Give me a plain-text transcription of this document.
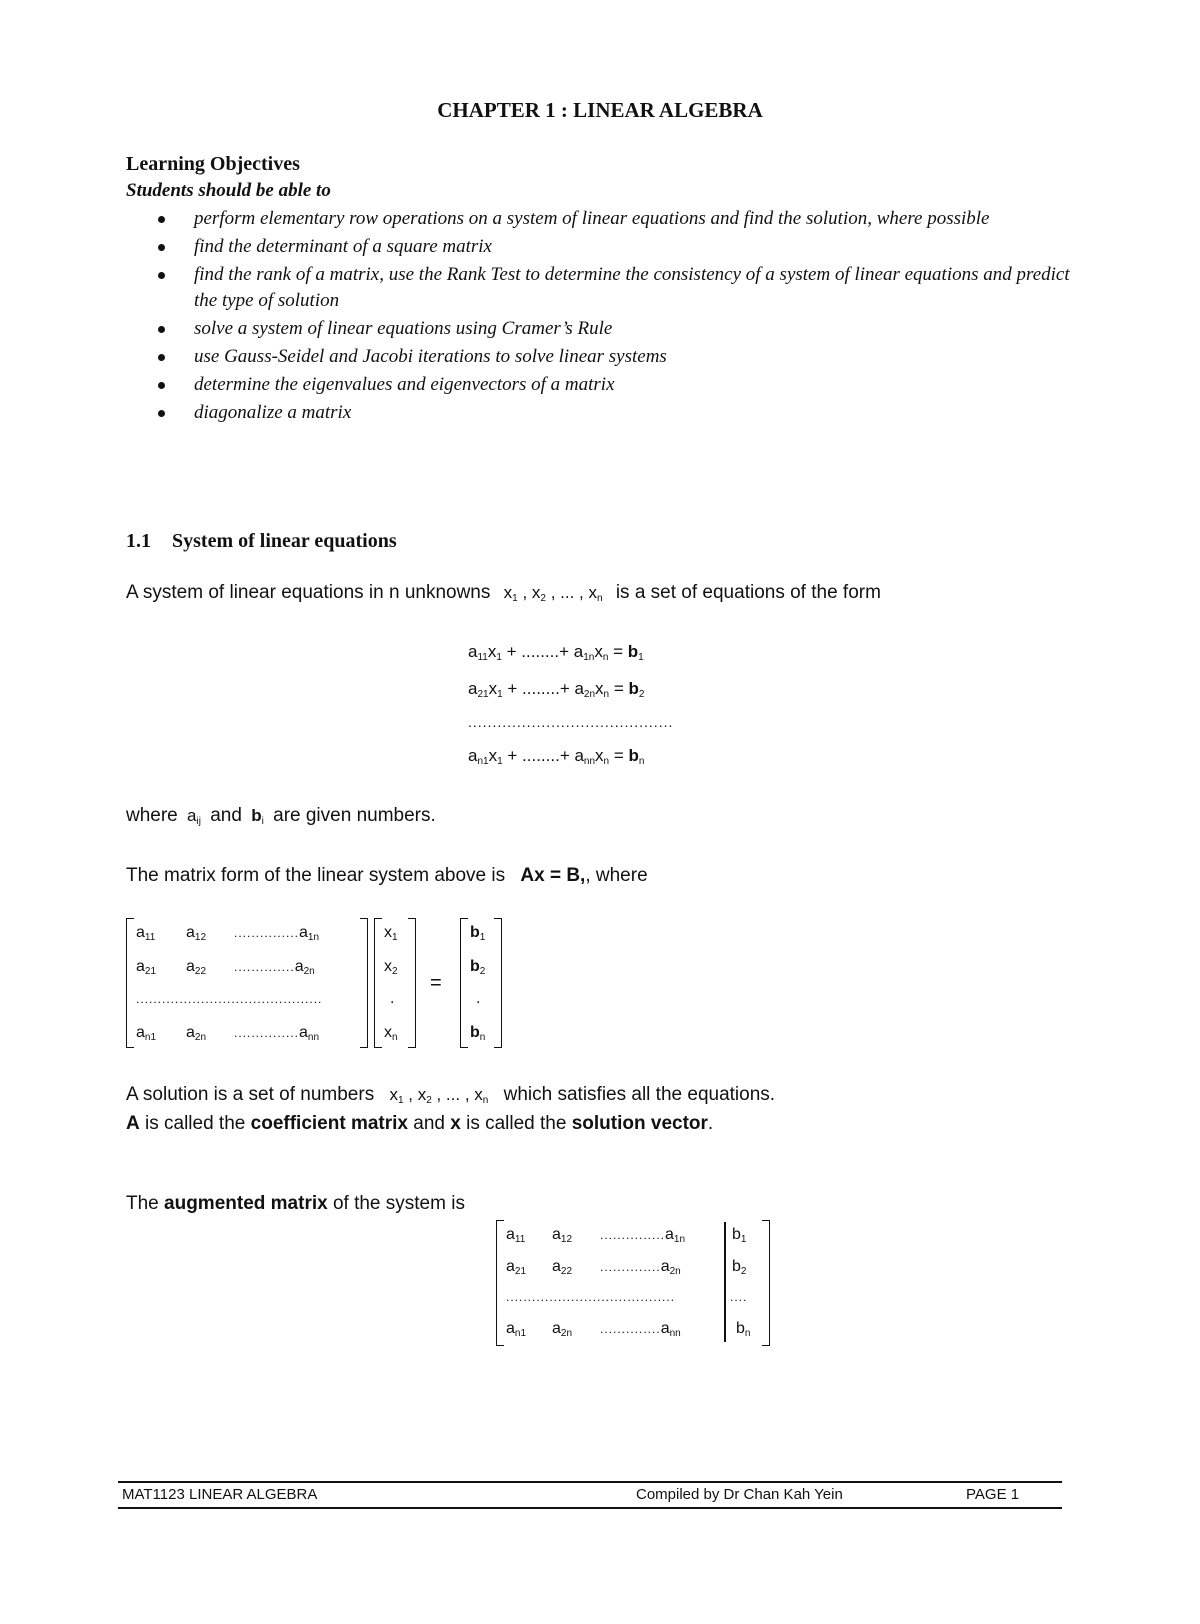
CHAPTER 1 : LINEAR ALGEBRA
Learning Objectives
Students should be able to
perform elementary row operations on a system of linear equations and find the solution, where possible
find the determinant of a square matrix
find the rank of a matrix, use the Rank Test to determine the consistency of a system of linear equations and predict the type of solution
solve a system of linear equations using Cramer’s Rule
use Gauss-Seidel and Jacobi iterations to solve linear systems
determine the eigenvalues and eigenvectors of a matrix
diagonalize a matrix
1.1 System of linear equations
A system of linear equations in n unknowns $x_1$ , $x_2$ , ... , $x_n$ is a set of equations of the form
$a_{11}x_1$ + ........+ $a_{1n}x_n = b_1$
$a_{21}x_1$ + ........+ $a_{2n}x_n = b_2$
..........................................
$a_{n1}x_1$ + ........+ $a_{nn}x_n = b_n$
where $a_{ij}$ and $b_i$ are given numbers.
The matrix form of the linear system above is Ax = B,, where
$a_{11}$ $a_{12}$ $...............a_{1n}$
$a_{21}$ $a_{22}$ $..............a_{2n}$
...........................................
$a_{n1}$ $a_{2n}$ $...............a_{nn}$
$x_1$
$x_2$
.
$x_n$
=
$b_1$
$b_2$
.
$b_n$
A solution is a set of numbers $x_1$ , $x_2$ , ... , $x_n$ which satisfies all the equations.
A is called the coefficient matrix and x is called the solution vector.
The augmented matrix of the system is
$a_{11}$ $a_{12}$ $...............a_{1n}$	$b_1$
$a_{21}$ $a_{22}$ $..............a_{2n}$	$b_2$
.......................................	....
$a_{n1}$ $a_{2n}$ $..............a_{nn}$	$b_n$
MAT1123 LINEAR ALGEBRA	Compiled by Dr Chan Kah Yein	PAGE 1
